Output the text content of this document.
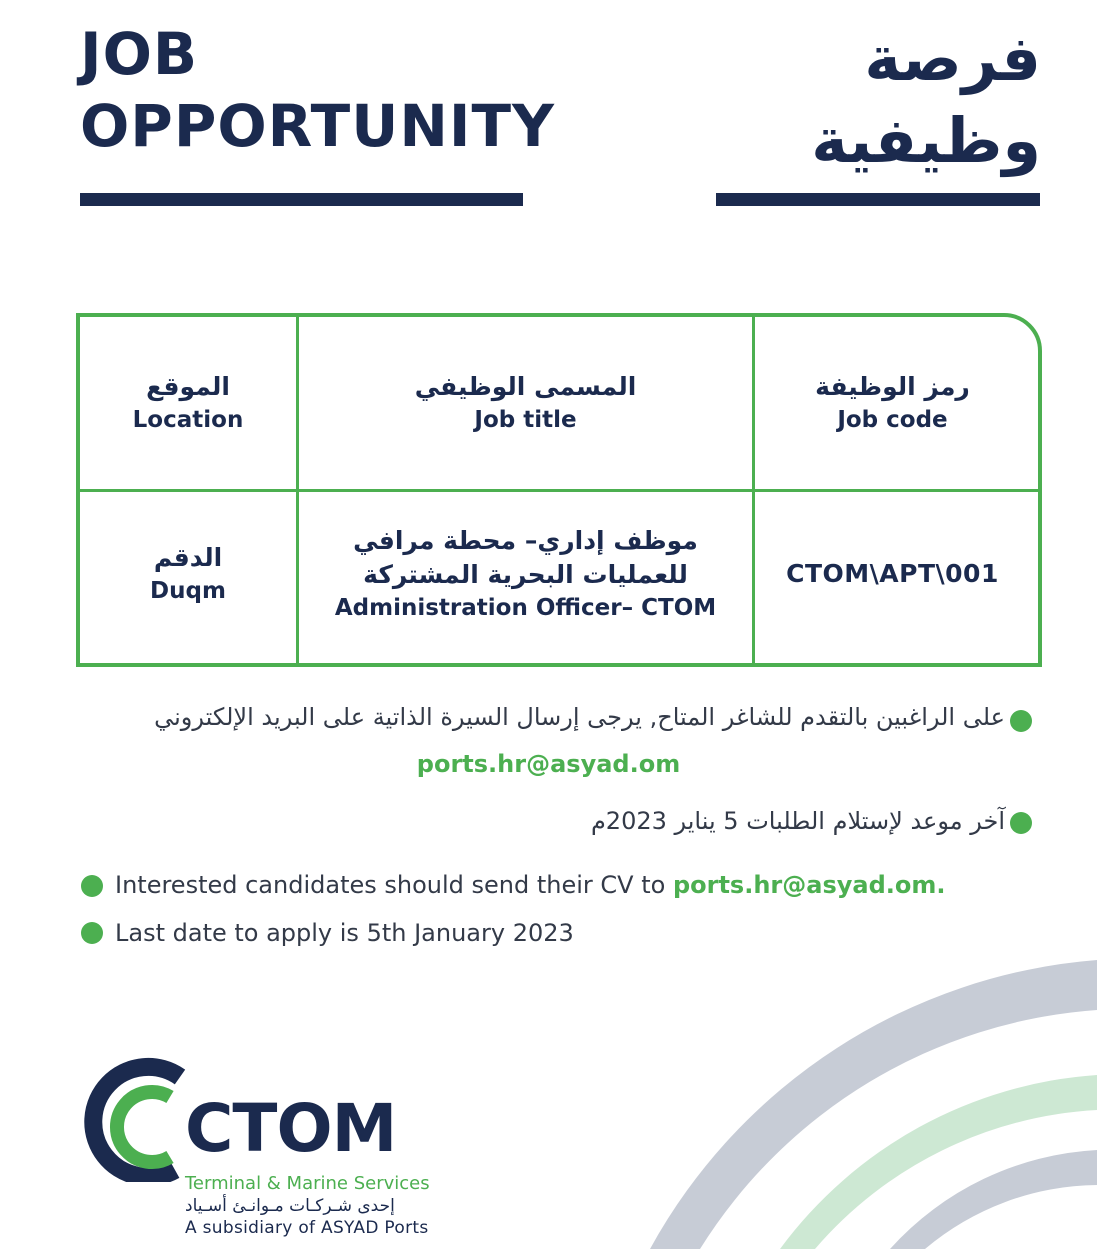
JOB
OPPORTUNITY
فرصة
وظيفية
الموقع
Location
المسمى الوظيفي
Job title
رمز الوظيفة
Job code
الدقم
Duqm
موظف إداري– محطة مرافي
للعمليات البحرية المشتركة
Administration Officer– CTOM
CTOM\APT\001
على الراغبين بالتقدم للشاغر المتاح, يرجى إرسال السيرة الذاتية على البريد الإلكتروني
ports.hr@asyad.om
آخر موعد لإستلام الطلبات 5 يناير 2023م
Interested candidates should send their CV to ports.hr@asyad.om.
Last date to apply is 5th January 2023
CTOM
Terminal & Marine Services
إحدى شـركـات مـوانـئ أسـياد
A subsidiary of ASYAD Ports
